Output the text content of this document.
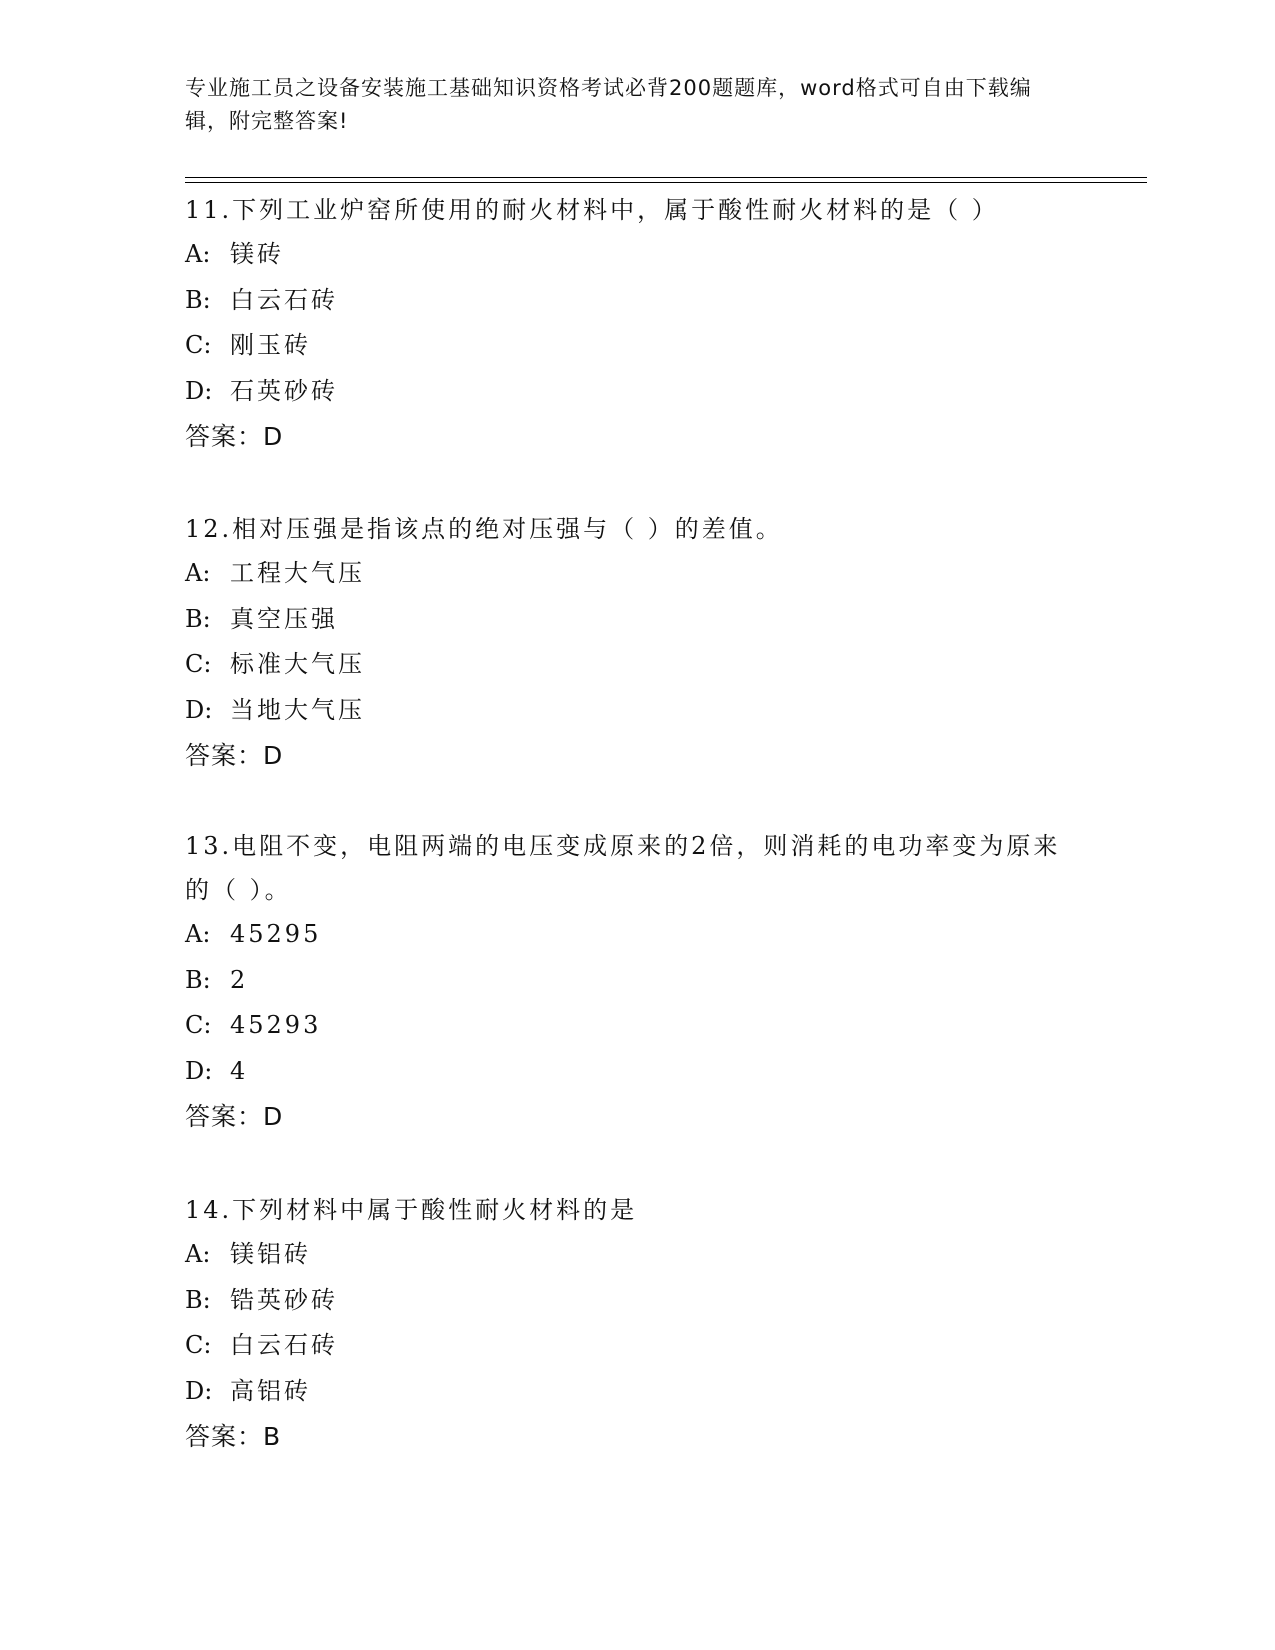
专业施工员之设备安装施工基础知识资格考试必背200题题库，word格式可自由下载编辑，附完整答案!
11.下列工业炉窑所使用的耐火材料中，属于酸性耐火材料的是（ ）
A: 镁砖
B: 白云石砖
C: 刚玉砖
D: 石英砂砖
答案：D
12.相对压强是指该点的绝对压强与（ ）的差值。
A: 工程大气压
B: 真空压强
C: 标准大气压
D: 当地大气压
答案：D
13.电阻不变，电阻两端的电压变成原来的2倍，则消耗的电功率变为原来的（ ）。
A: 45295
B: 2
C: 45293
D: 4
答案：D
14.下列材料中属于酸性耐火材料的是
A: 镁铝砖
B: 锆英砂砖
C: 白云石砖
D: 高铝砖
答案：B
